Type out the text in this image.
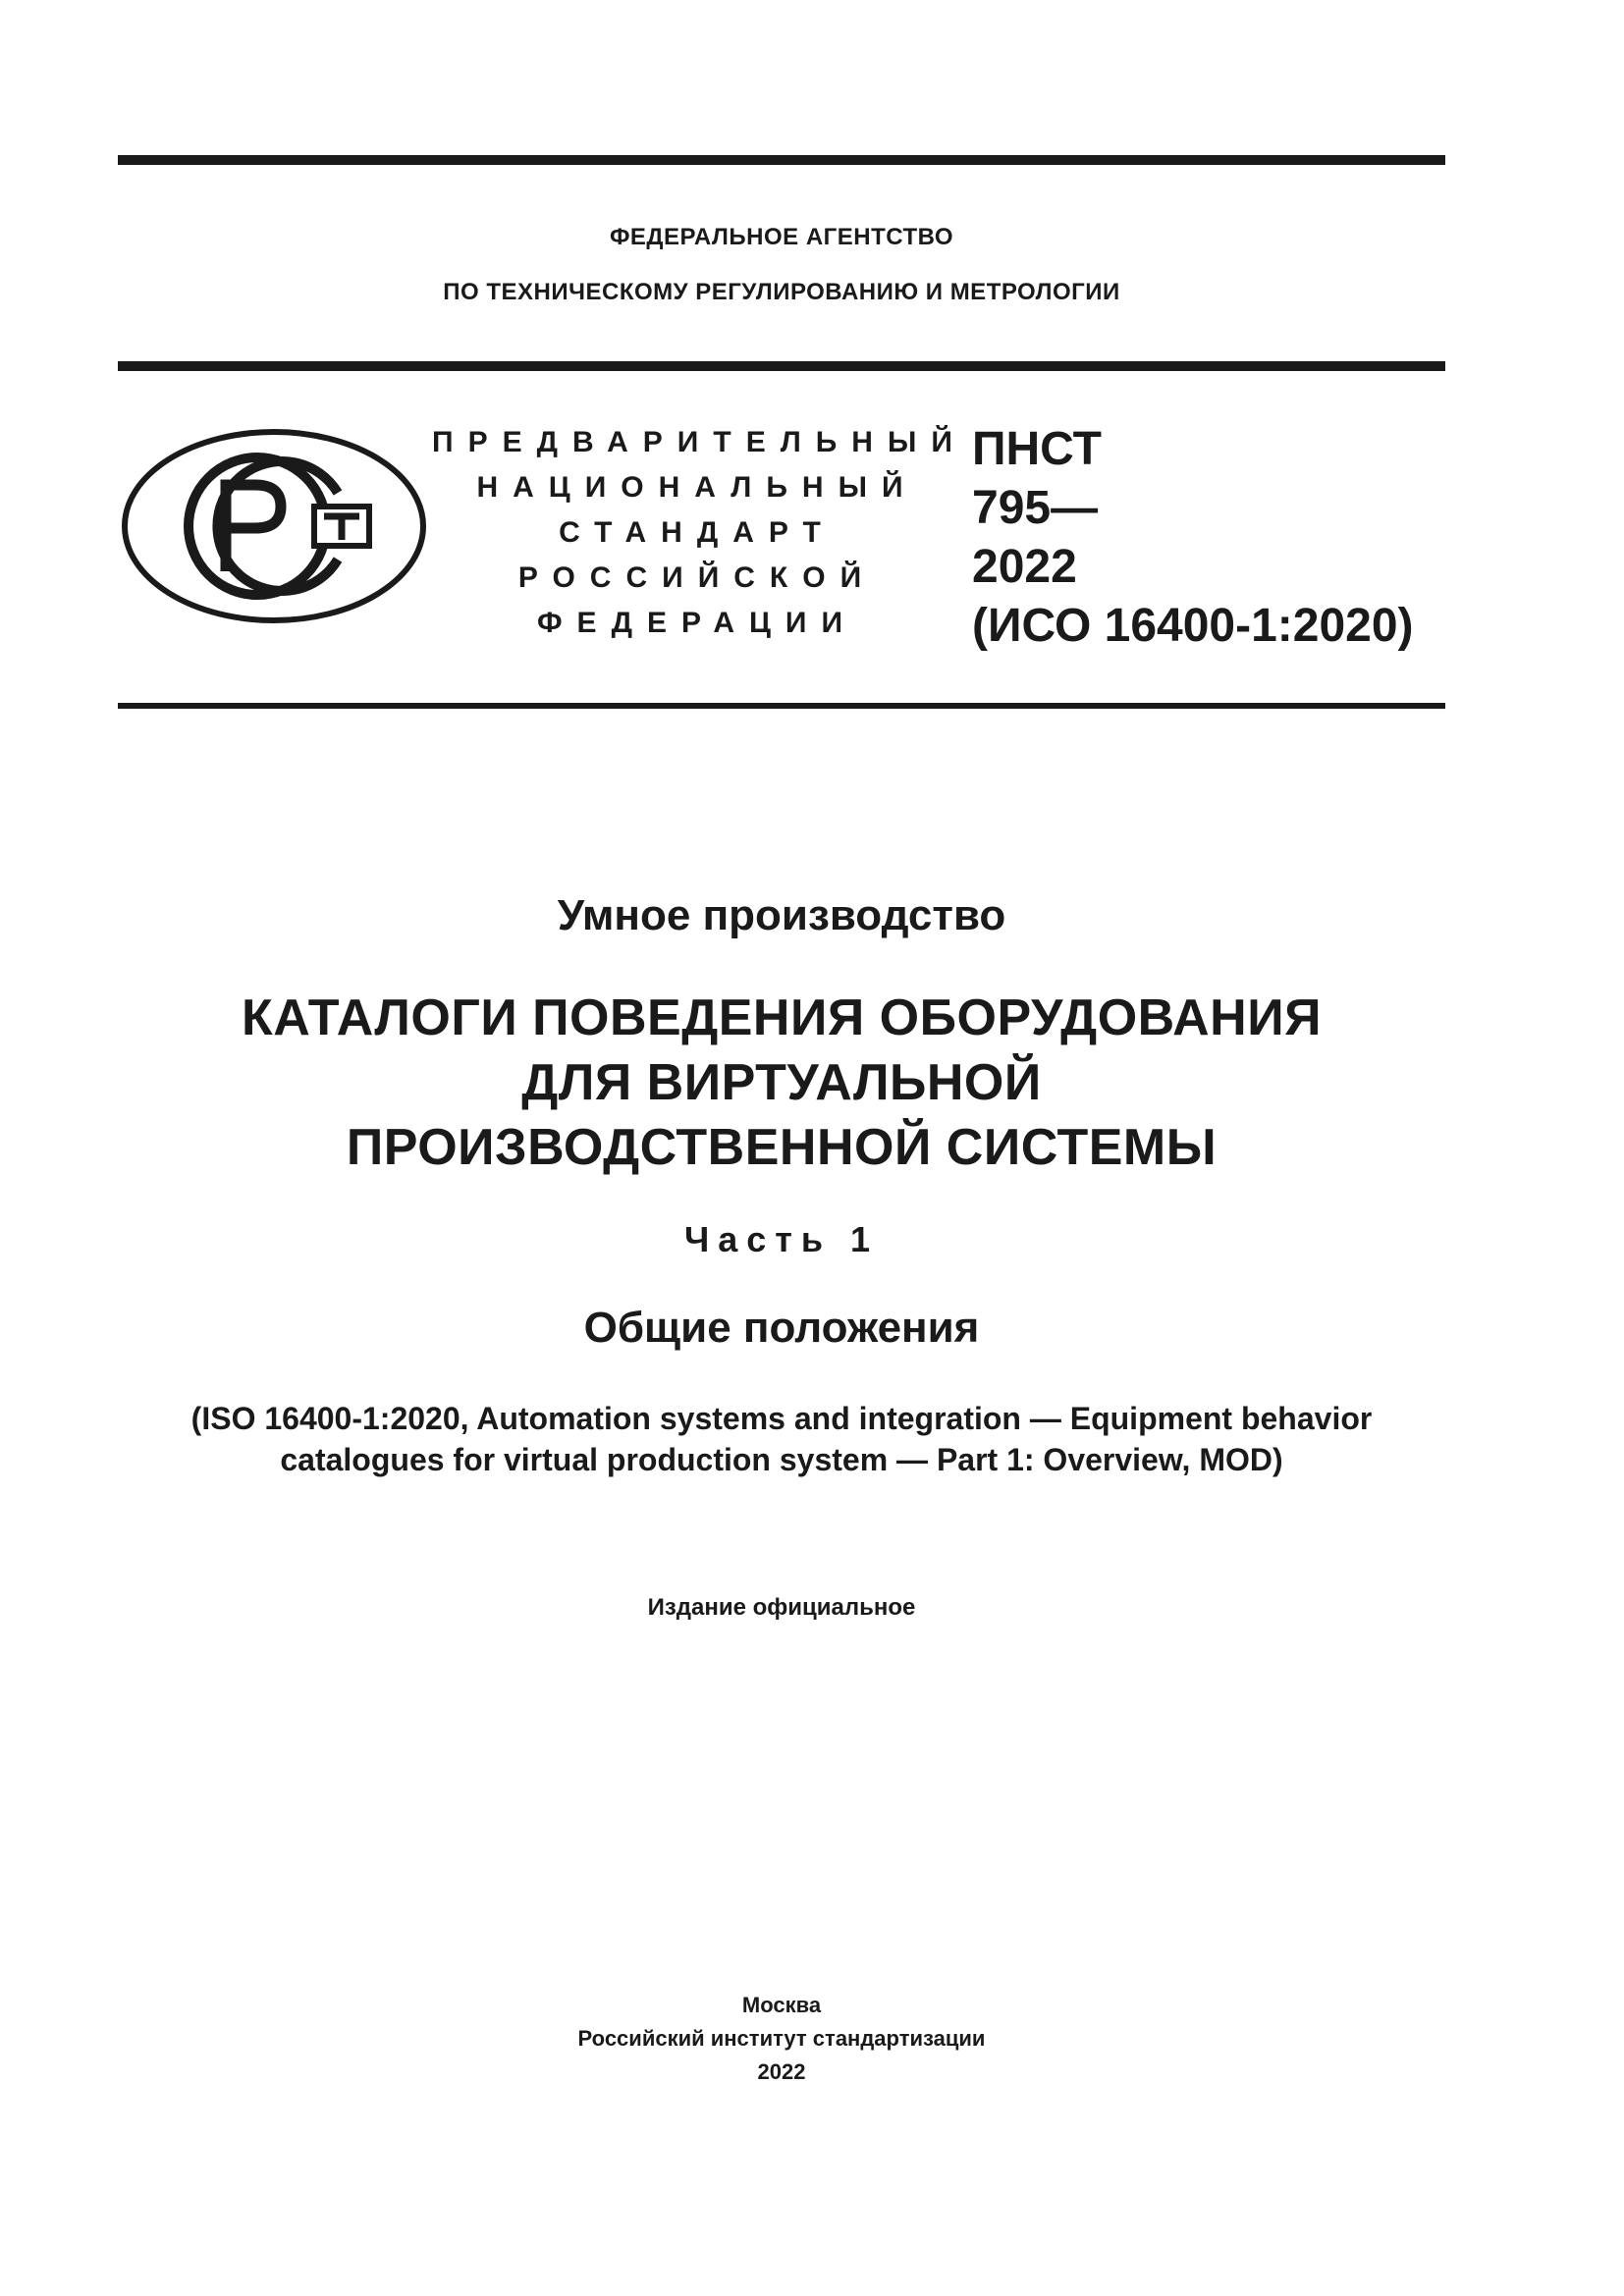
ФЕДЕРАЛЬНОЕ АГЕНТСТВО
ПО ТЕХНИЧЕСКОМУ РЕГУЛИРОВАНИЮ И МЕТРОЛОГИИ
ПРЕДВАРИТЕЛЬНЫЙ
НАЦИОНАЛЬНЫЙ
СТАНДАРТ
РОССИЙСКОЙ
ФЕДЕРАЦИИ
ПНСТ
795—
2022
(ИСО 16400-1:2020)
Умное производство
КАТАЛОГИ ПОВЕДЕНИЯ ОБОРУДОВАНИЯ
ДЛЯ ВИРТУАЛЬНОЙ
ПРОИЗВОДСТВЕННОЙ СИСТЕМЫ
Часть 1
Общие положения
(ISO 16400-1:2020, Automation systems and integration — Equipment behavior
catalogues for virtual production system — Part 1: Overview, MOD)
Издание официальное
Москва
Российский институт стандартизации
2022
